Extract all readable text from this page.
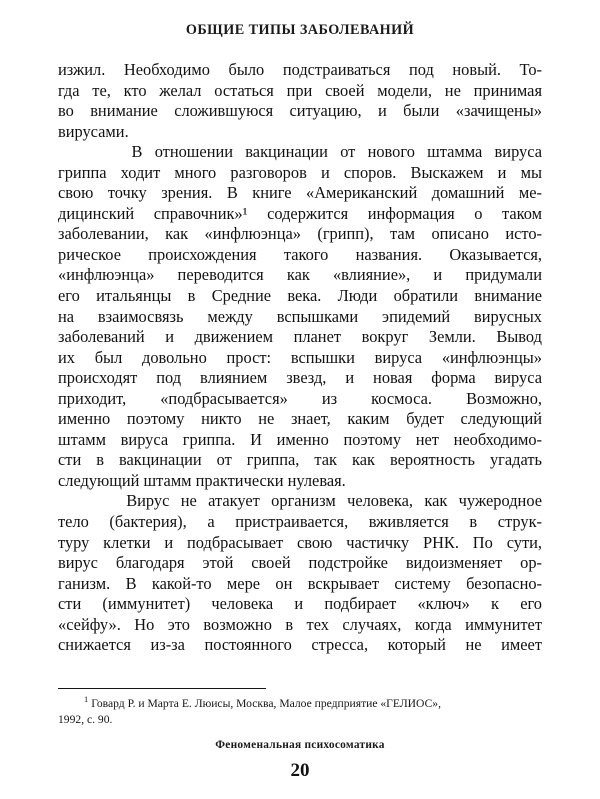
ОБЩИЕ ТИПЫ ЗАБОЛЕВАНИЙ
изжил. Необходимо было подстраиваться под новый. То-
гда те, кто желал остаться при своей модели, не принимая
во внимание сложившуюся ситуацию, и были «зачищены»
вирусами.
В отношении вакцинации от нового штамма вируса
гриппа ходит много разговоров и споров. Выскажем и мы
свою точку зрения. В книге «Американский домашний ме-
дицинский справочник»¹ содержится информация о таком
заболевании, как «инфлюэнца» (грипп), там описано исто-
рическое происхождения такого названия. Оказывается,
«инфлюэнца» переводится как «влияние», и придумали
его итальянцы в Средние века. Люди обратили внимание
на взаимосвязь между вспышками эпидемий вирусных
заболеваний и движением планет вокруг Земли. Вывод
их был довольно прост: вспышки вируса «инфлюэнцы»
происходят под влиянием звезд, и новая форма вируса
приходит,  «подбрасывается»  из  космоса.  Возможно,
именно поэтому никто не знает, каким будет следующий
штамм вируса гриппа. И именно поэтому нет необходимо-
сти в вакцинации от гриппа, так как вероятность угадать
следующий штамм практически нулевая.
Вирус не атакует организм человека, как чужеродное
тело (бактерия), а пристраивается, вживляется в струк-
туру клетки и подбрасывает свою частичку РНК. По сути,
вирус благодаря этой своей подстройке видоизменяет ор-
ганизм. В какой-то мере он вскрывает систему безопасно-
сти (иммунитет) человека и подбирает «ключ» к его
«сейфу». Но это возможно в тех случаях, когда иммунитет
снижается из-за постоянного стресса, который не имеет
$^1$ Говард Р. и Марта Е. Люисы, Москва, Малое предприятие «ГЕЛИОС»,
1992, с. 90.
Феноменальная психосоматика
20
